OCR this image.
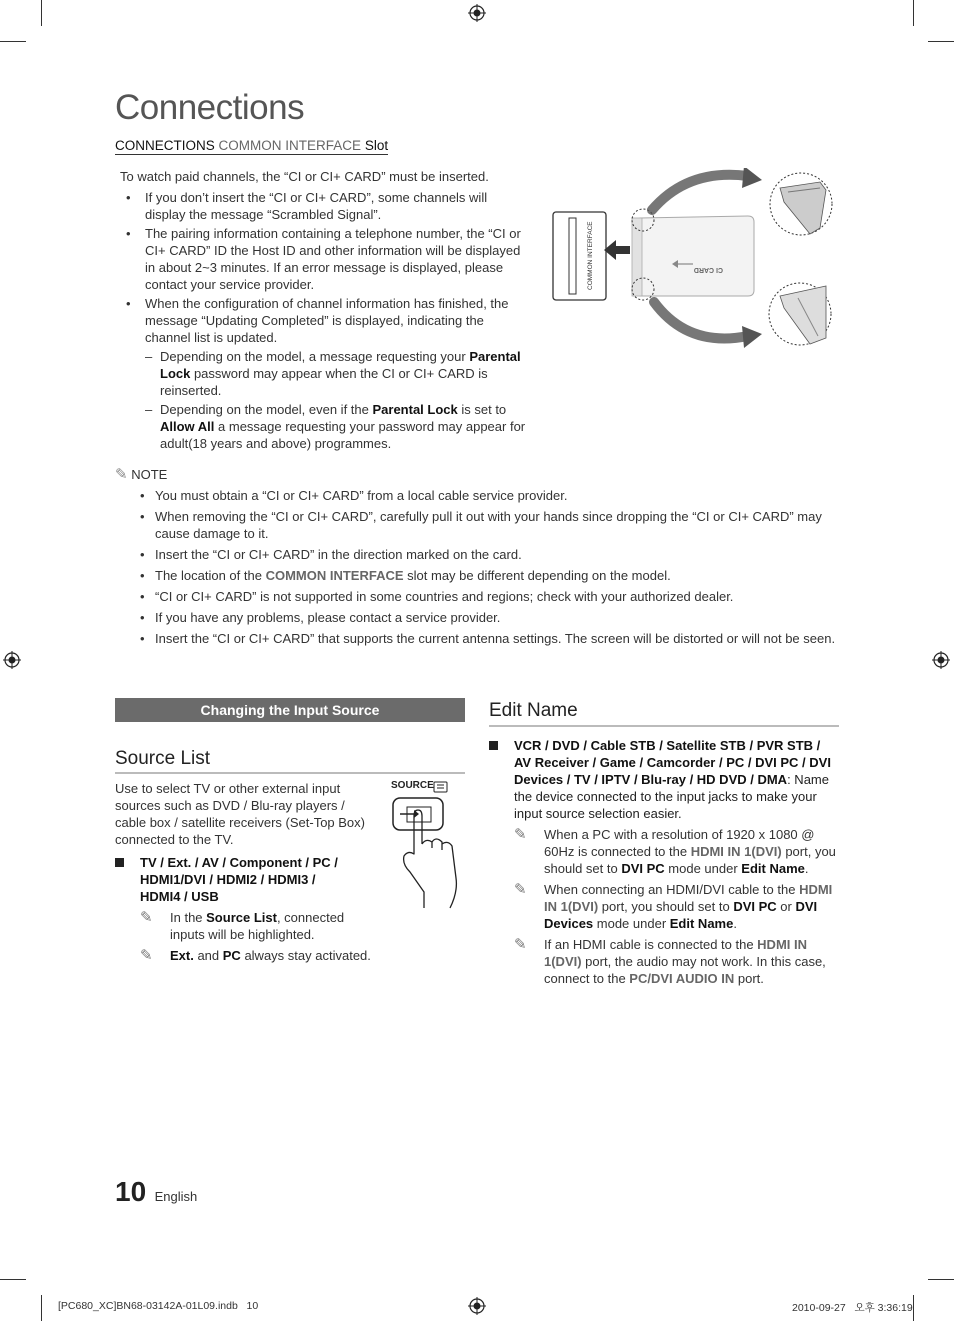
Connections
CONNECTIONS COMMON INTERFACE Slot

To watch paid channels, the “CI or CI+ CARD” must be inserted.

• If you don’t insert the “CI or CI+ CARD”, some channels will display the message “Scrambled Signal”.
• The pairing information containing a telephone number, the “CI or CI+ CARD” ID the Host ID and other information will be displayed in about 2~3 minutes. If an error message is displayed, please contact your service provider.
• When the configuration of channel information has finished, the message “Updating Completed” is displayed, indicating the channel list is updated.
– Depending on the model, a message requesting your Parental Lock password may appear when the CI or CI+ CARD is reinserted.
– Depending on the model, even if the Parental Lock is set to Allow All a message requesting your password may appear for adult(18 years and above) programmes.
COMMON INTERFACE	CI CARD
✎ NOTE
• You must obtain a “CI or CI+ CARD” from a local cable service provider.
• When removing the “CI or CI+ CARD”, carefully pull it out with your hands since dropping the “CI or CI+ CARD” may cause damage to it.
• Insert the “CI or CI+ CARD” in the direction marked on the card.
• The location of the COMMON INTERFACE slot may be different depending on the model.
• “CI or CI+ CARD” is not supported in some countries and regions; check with your authorized dealer.
• If you have any problems, please contact a service provider.
• Insert the “CI or CI+ CARD” that supports the current antenna settings. The screen will be distorted or will not be seen.
Changing the Input Source
Source List

Use to select TV or other external input sources such as DVD / Blu-ray players / cable box / satellite receivers (Set-Top Box) connected to the TV.

TV / Ext. / AV / Component / PC / HDMI1/DVI / HDMI2 / HDMI3 / HDMI4 / USB
✎ In the Source List, connected inputs will be highlighted.
✎ Ext. and PC always stay activated.
SOURCE
Edit Name
VCR / DVD / Cable STB / Satellite STB / PVR STB / AV Receiver / Game / Camcorder / PC / DVI PC / DVI Devices / TV / IPTV / Blu-ray / HD DVD / DMA: Name the device connected to the input jacks to make your input source selection easier.
✎ When a PC with a resolution of 1920 x 1080 @ 60Hz is connected to the HDMI IN 1(DVI) port, you should set to DVI PC mode under Edit Name.
✎ When connecting an HDMI/DVI cable to the HDMI IN 1(DVI) port, you should set to DVI PC or DVI Devices mode under Edit Name.
✎ If an HDMI cable is connected to the HDMI IN 1(DVI) port, the audio may not work. In this case, connect to the PC/DVI AUDIO IN port.
10 English
[PC680_XC]BN68-03142A-01L09.indb   10	2010-09-27   오후 3:36:19
